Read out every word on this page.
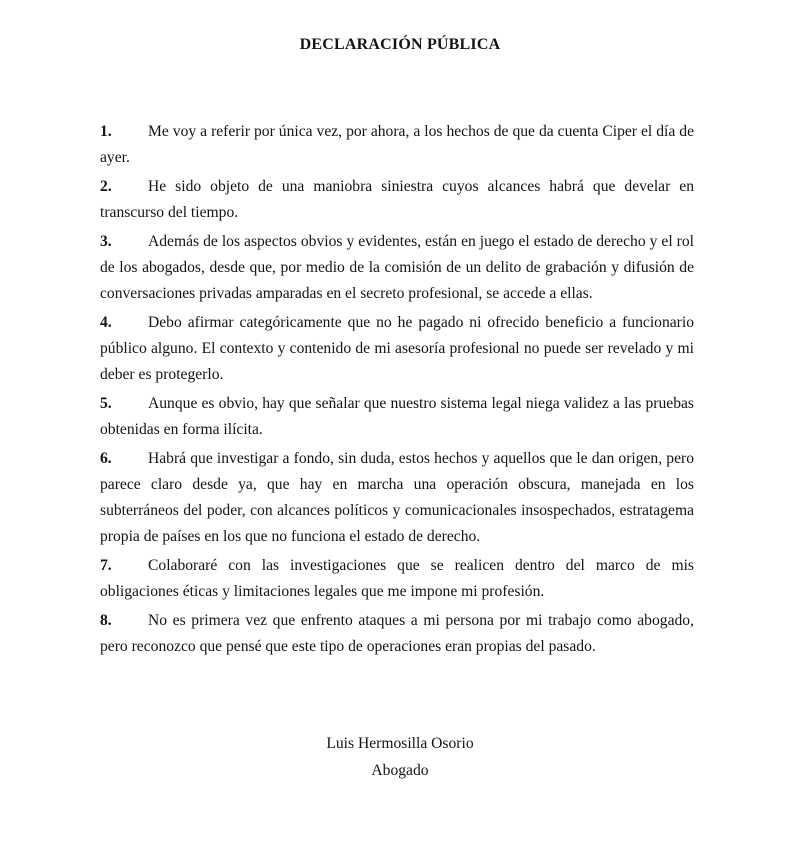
DECLARACIÓN PÚBLICA
1. Me voy a referir por única vez, por ahora, a los hechos de que da cuenta Ciper el día de ayer.
2. He sido objeto de una maniobra siniestra cuyos alcances habrá que develar en transcurso del tiempo.
3. Además de los aspectos obvios y evidentes, están en juego el estado de derecho y el rol de los abogados, desde que, por medio de la comisión de un delito de grabación y difusión de conversaciones privadas amparadas en el secreto profesional, se accede a ellas.
4. Debo afirmar categóricamente que no he pagado ni ofrecido beneficio a funcionario público alguno. El contexto y contenido de mi asesoría profesional no puede ser revelado y mi deber es protegerlo.
5. Aunque es obvio, hay que señalar que nuestro sistema legal niega validez a las pruebas obtenidas en forma ilícita.
6. Habrá que investigar a fondo, sin duda, estos hechos y aquellos que le dan origen, pero parece claro desde ya, que hay en marcha una operación obscura, manejada en los subterráneos del poder, con alcances políticos y comunicacionales insospechados, estratagema propia de países en los que no funciona el estado de derecho.
7. Colaboraré con las investigaciones que se realicen dentro del marco de mis obligaciones éticas y limitaciones legales que me impone mi profesión.
8. No es primera vez que enfrento ataques a mi persona por mi trabajo como abogado, pero reconozco que pensé que este tipo de operaciones eran propias del pasado.
Luis Hermosilla Osorio
Abogado
